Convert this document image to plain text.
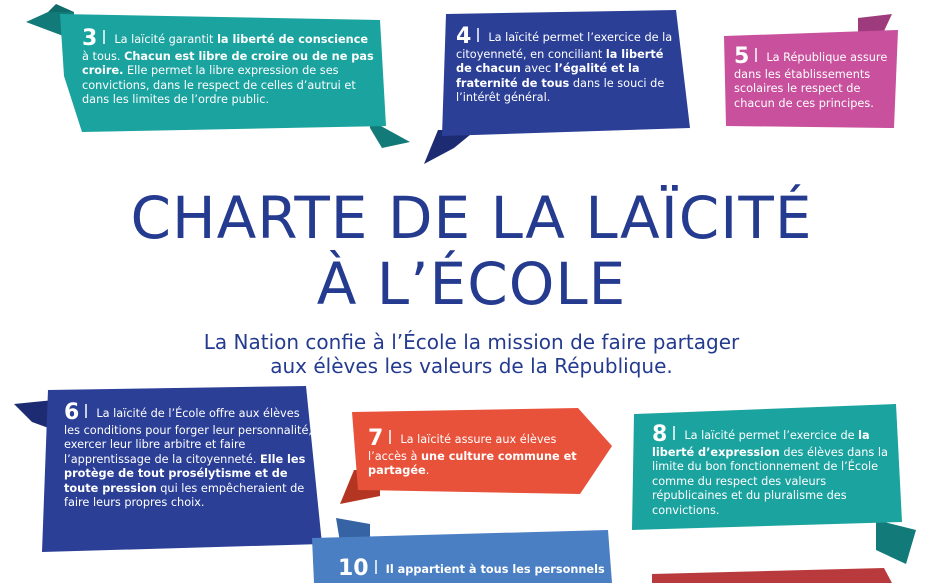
3 La laïcité garantit la liberté de conscience à tous. Chacun est libre de croire ou de ne pas croire. Elle permet la libre expression de ses convictions, dans le respect de celles d’autrui et dans les limites de l’ordre public.
4 La laïcité permet l’exercice de la citoyenneté, en conciliant la liberté de chacun avec l’égalité et la fraternité de tous dans le souci de l’intérêt général.
5 La République assure dans les établissements scolaires le respect de chacun de ces principes.
CHARTE DE LA LAÏCITÉ
À L’ÉCOLE
La Nation confie à l’École la mission de faire partager
aux élèves les valeurs de la République.
6 La laïcité de l’École offre aux élèves les conditions pour forger leur personnalité, exercer leur libre arbitre et faire l’apprentissage de la citoyenneté. Elle les protège de tout prosélytisme et de toute pression qui les empêcheraient de faire leurs propres choix.
7 La laïcité assure aux élèves l’accès à une culture commune et partagée.
8 La laïcité permet l’exercice de la liberté d’expression des élèves dans la limite du bon fonctionnement de l’École comme du respect des valeurs républicaines et du pluralisme des convictions.
10 Il appartient à tous les personnels
